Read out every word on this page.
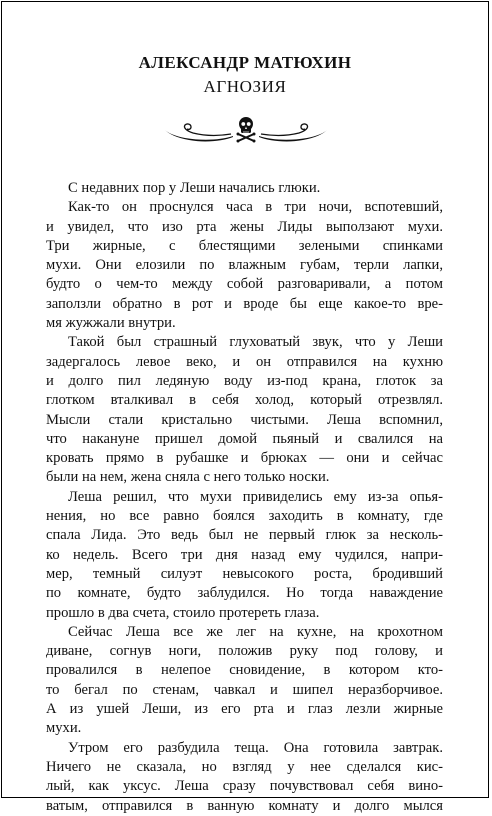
АЛЕКСАНДР МАТЮХИН
АГНОЗИЯ
С недавних пор у Леши начались глюки.
Как-то он проснулся часа в три ночи, вспотевший,
и увидел, что изо рта жены Лиды выползают мухи.
Три жирные, с блестящими зелеными спинками
мухи. Они елозили по влажным губам, терли лапки,
будто о чем-то между собой разговаривали, а потом
заползли обратно в рот и вроде бы еще какое-то вре-
мя жужжали внутри.
Такой был страшный глуховатый звук, что у Леши
задергалось левое веко, и он отправился на кухню
и долго пил ледяную воду из-под крана, глоток за
глотком вталкивал в себя холод, который отрезвлял.
Мысли стали кристально чистыми. Леша вспомнил,
что накануне пришел домой пьяный и свалился на
кровать прямо в рубашке и брюках — они и сейчас
были на нем, жена сняла с него только носки.
Леша решил, что мухи привиделись ему из-за опья-
нения, но все равно боялся заходить в комнату, где
спала Лида. Это ведь был не первый глюк за несколь-
ко недель. Всего три дня назад ему чудился, напри-
мер, темный силуэт невысокого роста, бродивший
по комнате, будто заблудился. Но тогда наваждение
прошло в два счета, стоило протереть глаза.
Сейчас Леша все же лег на кухне, на крохотном
диване, согнув ноги, положив руку под голову, и
провалился в нелепое сновидение, в котором кто-
то бегал по стенам, чавкал и шипел неразборчивое.
А из ушей Леши, из его рта и глаз лезли жирные
мухи.
Утром его разбудила теща. Она готовила завтрак.
Ничего не сказала, но взгляд у нее сделался кис-
лый, как уксус. Леша сразу почувствовал себя вино-
ватым, отправился в ванную комнату и долго мылся
